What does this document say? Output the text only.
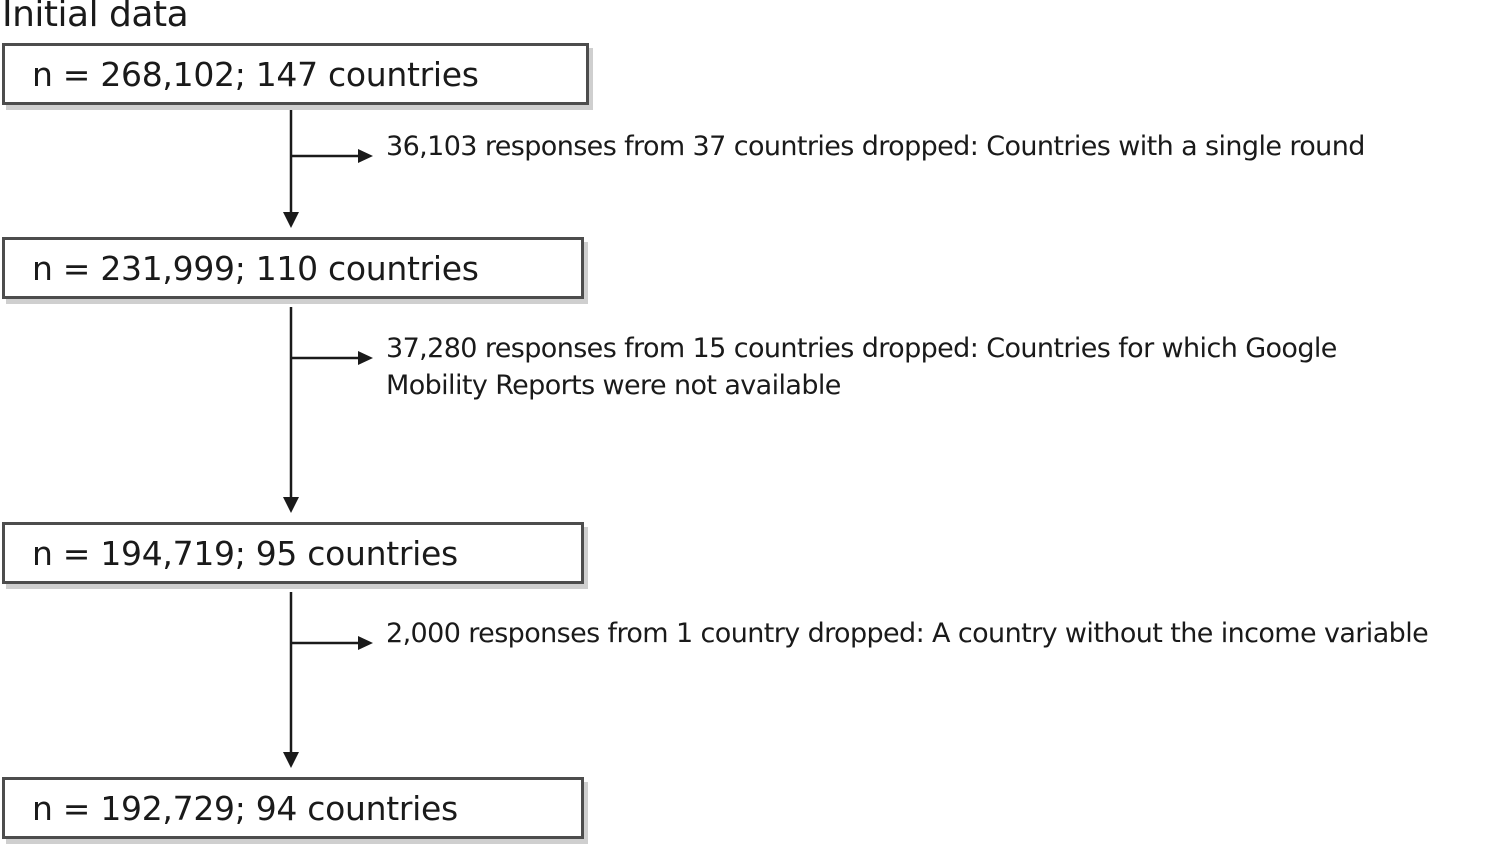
Initial data
n = 268,102; 147 countries
n = 231,999; 110 countries
n = 194,719; 95 countries
n = 192,729; 94 countries
36,103 responses from 37 countries dropped: Countries with a single round
37,280 responses from 15 countries dropped: Countries for which Google
Mobility Reports were not available
2,000 responses from 1 country dropped: A country without the income variable
